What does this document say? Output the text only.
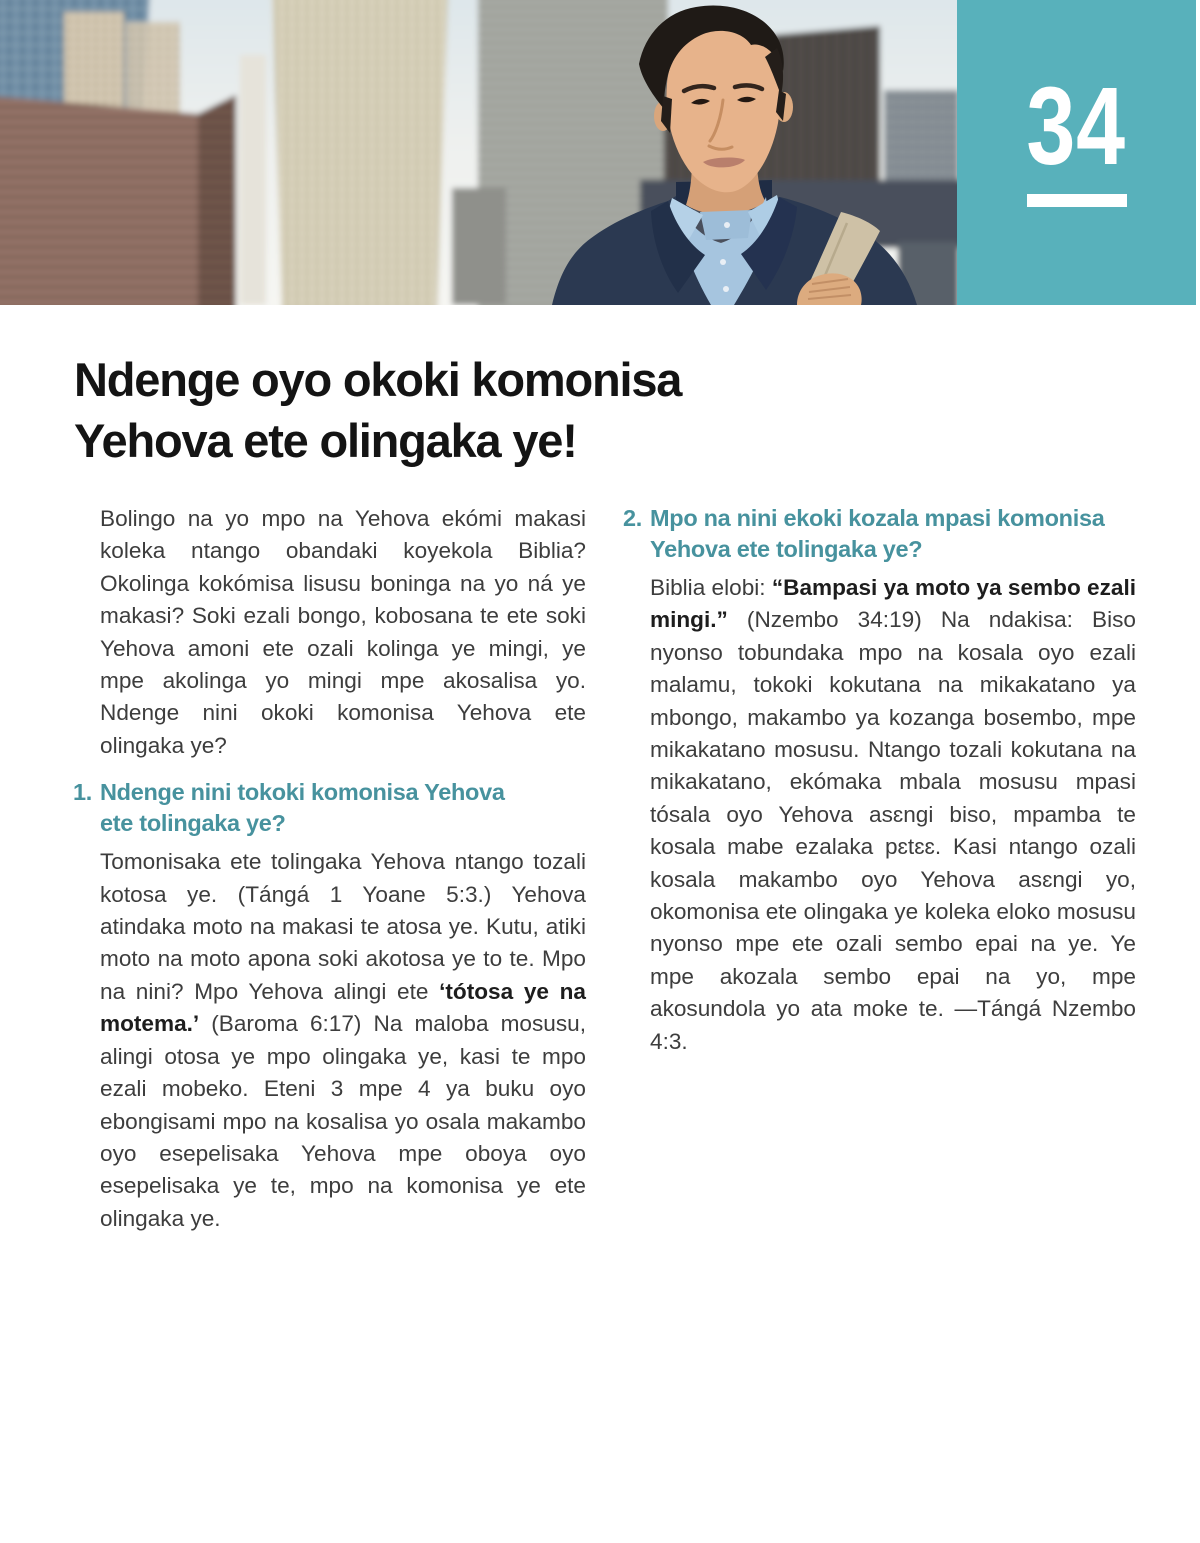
34
Ndenge oyo okoki komonisa
Yehova ete olingaka ye!

Bolingo na yo mpo na Yehova ekómi makasi koleka ntango obandaki koyekola Biblia? Okolinga kokómisa lisusu boninga na yo ná ye makasi? Soki ezali bongo, kobosana te ete soki Yehova amoni ete ozali kolinga ye mingi, ye mpe akolinga yo mingi mpe akosalisa yo. Ndenge nini okoki komonisa Yehova ete olingaka ye?

1. Ndenge nini tokoki komonisa Yehova
ete tolingaka ye?

Tomonisaka ete tolingaka Yehova ntango tozali kotosa ye. (Tángá 1 Yoane 5:3.) Yehova atindaka moto na makasi te atosa ye. Kutu, atiki moto na moto apona soki akotosa ye to te. Mpo na nini? Mpo Yehova alingi ete ‘tótosa ye na motema.’ (Baroma 6:17) Na maloba mosusu, alingi otosa ye mpo olingaka ye, kasi te mpo ezali mobeko. Eteni 3 mpe 4 ya buku oyo ebongisami mpo na kosalisa yo osala makambo oyo esepelisaka Yehova mpe oboya oyo esepelisaka ye te, mpo na komonisa ye ete olingaka ye.

2. Mpo na nini ekoki kozala mpasi komonisa
Yehova ete tolingaka ye?

Biblia elobi: “Bampasi ya moto ya sembo ezali mingi.” (Nzembo 34:19) Na ndakisa: Biso nyonso tobundaka mpo na kosala oyo ezali malamu, tokoki kokutana na mikakatano ya mbongo, makambo ya kozanga bosembo, mpe mikakatano mosusu. Ntango tozali kokutana na mikakatano, ekómaka mbala mosusu mpasi tósala oyo Yehova asɛngi biso, mpamba te kosala mabe ezalaka pɛtɛɛ. Kasi ntango ozali kosala makambo oyo Yehova asɛngi yo, okomonisa ete olingaka ye koleka eloko mosusu nyonso mpe ete ozali sembo epai na ye. Ye mpe akozala sembo epai na yo, mpe akosundola yo ata moke te. —Tángá Nzembo 4:3.
